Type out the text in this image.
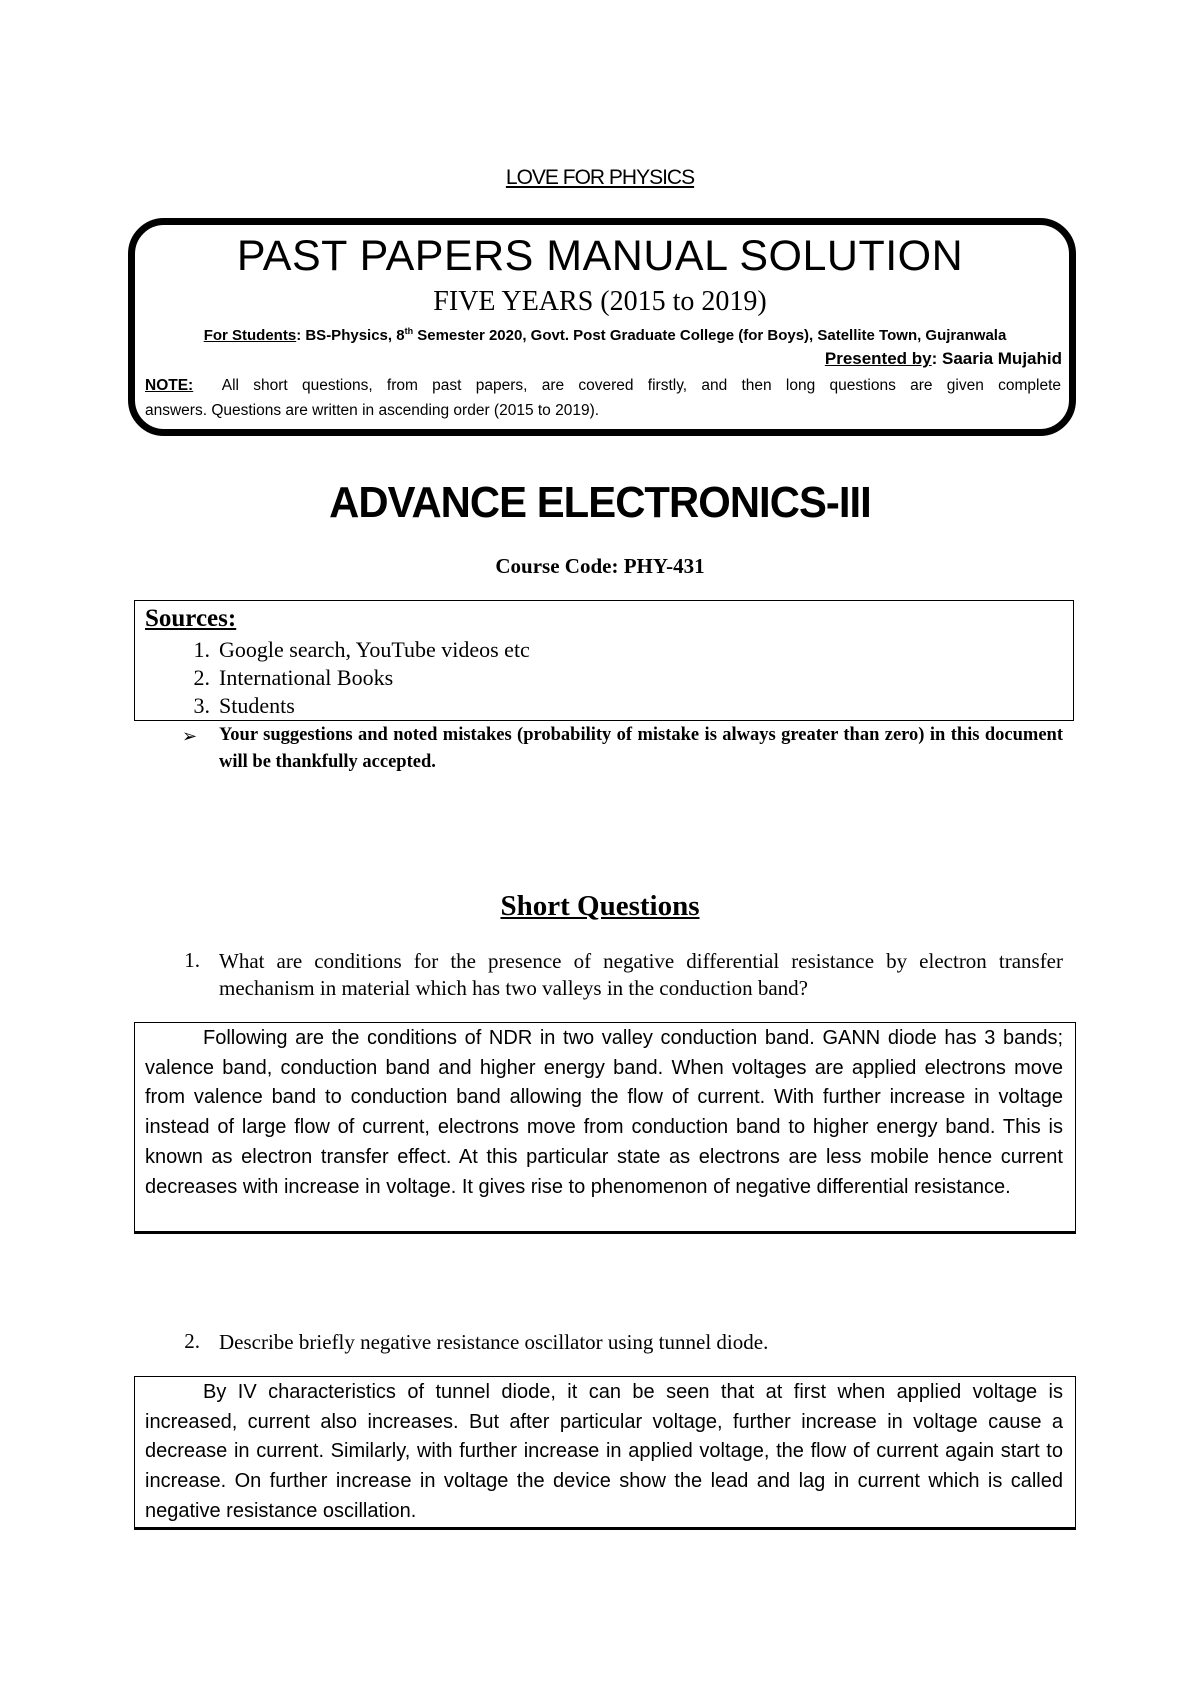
LOVE FOR PHYSICS
PAST PAPERS MANUAL SOLUTION
FIVE YEARS (2015 to 2019)
For Students: BS-Physics, 8th Semester 2020, Govt. Post Graduate College (for Boys), Satellite Town, Gujranwala
Presented by: Saaria Mujahid
NOTE: All short questions, from past papers, are covered firstly, and then long questions are given complete
answers. Questions are written in ascending order (2015 to 2019).
ADVANCE ELECTRONICS-III
Course Code: PHY-431
Sources:
1. Google search, YouTube videos etc
2. International Books
3. Students
➢ Your suggestions and noted mistakes (probability of mistake is always greater than zero) in this document will be thankfully accepted.
Short Questions
1. What are conditions for the presence of negative differential resistance by electron transfer mechanism in material which has two valleys in the conduction band?
Following are the conditions of NDR in two valley conduction band. GANN diode has 3 bands; valence band, conduction band and higher energy band. When voltages are applied electrons move from valence band to conduction band allowing the flow of current. With further increase in voltage instead of large flow of current, electrons move from conduction band to higher energy band. This is known as electron transfer effect. At this particular state as electrons are less mobile hence current decreases with increase in voltage. It gives rise to phenomenon of negative differential resistance.
2. Describe briefly negative resistance oscillator using tunnel diode.
By IV characteristics of tunnel diode, it can be seen that at first when applied voltage is increased, current also increases. But after particular voltage, further increase in voltage cause a decrease in current. Similarly, with further increase in applied voltage, the flow of current again start to increase. On further increase in voltage the device show the lead and lag in current which is called negative resistance oscillation.
